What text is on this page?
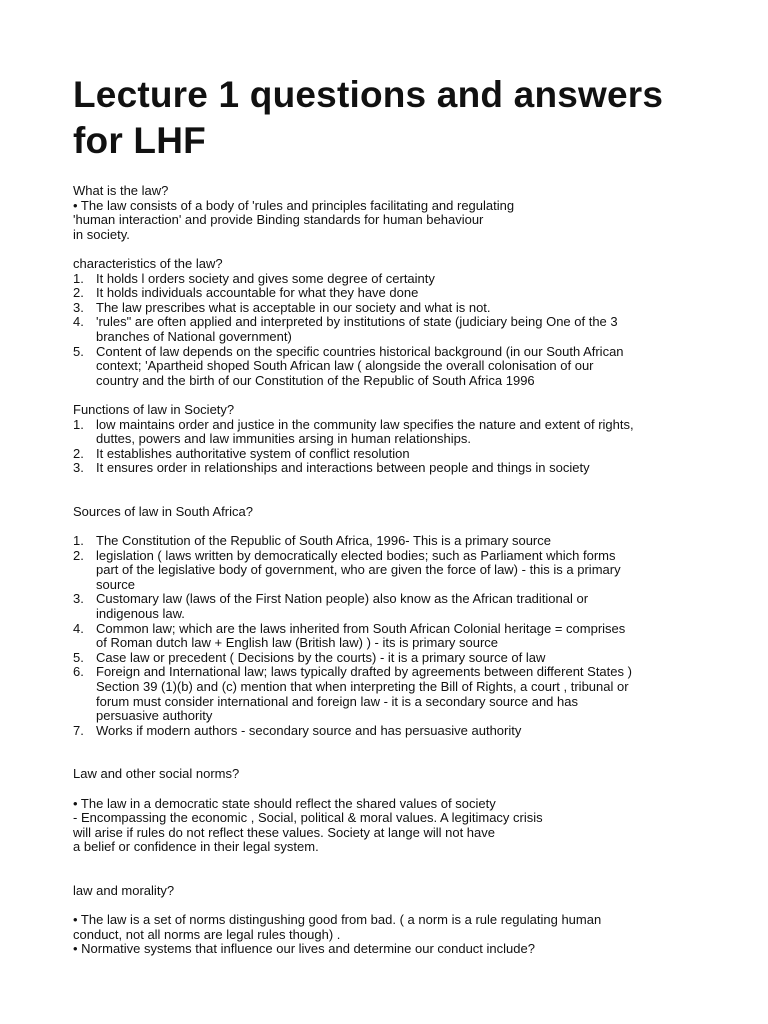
Lecture 1 questions and answers for LHF

What is the law?

• The law consists of a body of 'rules and principles facilitating and regulating

'human interaction' and provide Binding standards for human behaviour

in society.

characteristics of the law?

1. It holds l orders society and gives some degree of certainty
2. It holds individuals accountable for what they have done
3. The law prescribes what is acceptable in our society and what is not.
4. 'rules" are often applied and interpreted by institutions of state (judiciary being One of the 3
branches of National government)
5. Content of law depends on the specific countries historical background (in our South African
context; 'Apartheid shoped South African law ( alongside the overall colonisation of our
country and the birth of our Constitution of the Republic of South Africa 1996

Functions of law in Society?

1. low maintains order and justice in the community law specifies the nature and extent of rights,
duttes, powers and law immunities arsing in human relationships.
2. It establishes authoritative system of conflict resolution
3. It ensures order in relationships and interactions between people and things in society

Sources of law in South Africa?

1. The Constitution of the Republic of South Africa, 1996- This is a primary source
2. legislation ( laws written by democratically elected bodies; such as Parliament which forms
part of the legislative body of government, who are given the force of law) - this is a primary
source
3. Customary law (laws of the First Nation people) also know as the African traditional or
indigenous law.
4. Common law; which are the laws inherited from South African Colonial heritage = comprises
of Roman dutch law + English law (British law) ) - its is primary source
5. Case law or precedent ( Decisions by the courts) - it is a primary source of law
6. Foreign and International law; laws typically drafted by agreements between different States )
Section 39 (1)(b) and (c) mention that when interpreting the Bill of Rights, a court , tribunal or
forum must consider international and foreign law - it is a secondary source and has
persuasive authority
7. Works if modern authors - secondary source and has persuasive authority

Law and other social norms?

• The law in a democratic state should reflect the shared values of society

- Encompassing the economic , Social, political & moral values. A legitimacy crisis

will arise if rules do not reflect these values. Society at lange will not have

a belief or confidence in their legal system.

law and morality?

• The law is a set of norms distingushing good from bad. ( a norm is a rule regulating human

conduct, not all norms are legal rules though) .

• Normative systems that influence our lives and determine our conduct include?
